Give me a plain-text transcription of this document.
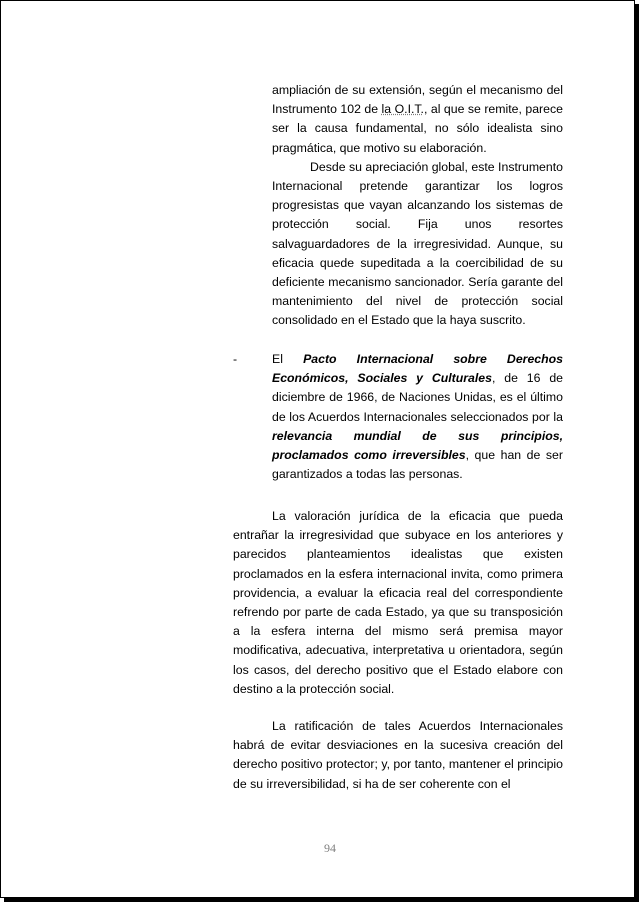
ampliación de su extensión, según el mecanismo del Instrumento 102 de la O.I.T., al que se remite, parece ser la causa fundamental, no sólo idealista sino pragmática, que motivo su elaboración.

Desde su apreciación global, este Instrumento Internacional pretende garantizar los logros progresistas que vayan alcanzando los sistemas de protección social. Fija unos resortes salvaguardadores de la irregresividad. Aunque, su eficacia quede supeditada a la coercibilidad de su deficiente mecanismo sancionador. Sería garante del mantenimiento del nivel de protección social consolidado en el Estado que la haya suscrito.

-	El Pacto Internacional sobre Derechos Económicos, Sociales y Culturales, de 16 de diciembre de 1966, de Naciones Unidas, es el último de los Acuerdos Internacionales seleccionados por la relevancia mundial de sus principios, proclamados como irreversibles, que han de ser garantizados a todas las personas.

La valoración jurídica de la eficacia que pueda entrañar la irregresividad que subyace en los anteriores y parecidos planteamientos idealistas que existen proclamados en la esfera internacional invita, como primera providencia, a evaluar la eficacia real del correspondiente refrendo por parte de cada Estado, ya que su transposición a la esfera interna del mismo será premisa mayor modificativa, adecuativa, interpretativa u orientadora, según los casos, del derecho positivo que el Estado elabore con destino a la protección social.
La ratificación de tales Acuerdos Internacionales habrá de evitar desviaciones en la sucesiva creación del derecho positivo protector; y, por tanto, mantener el principio de su irreversibilidad, si ha de ser coherente con el
94
